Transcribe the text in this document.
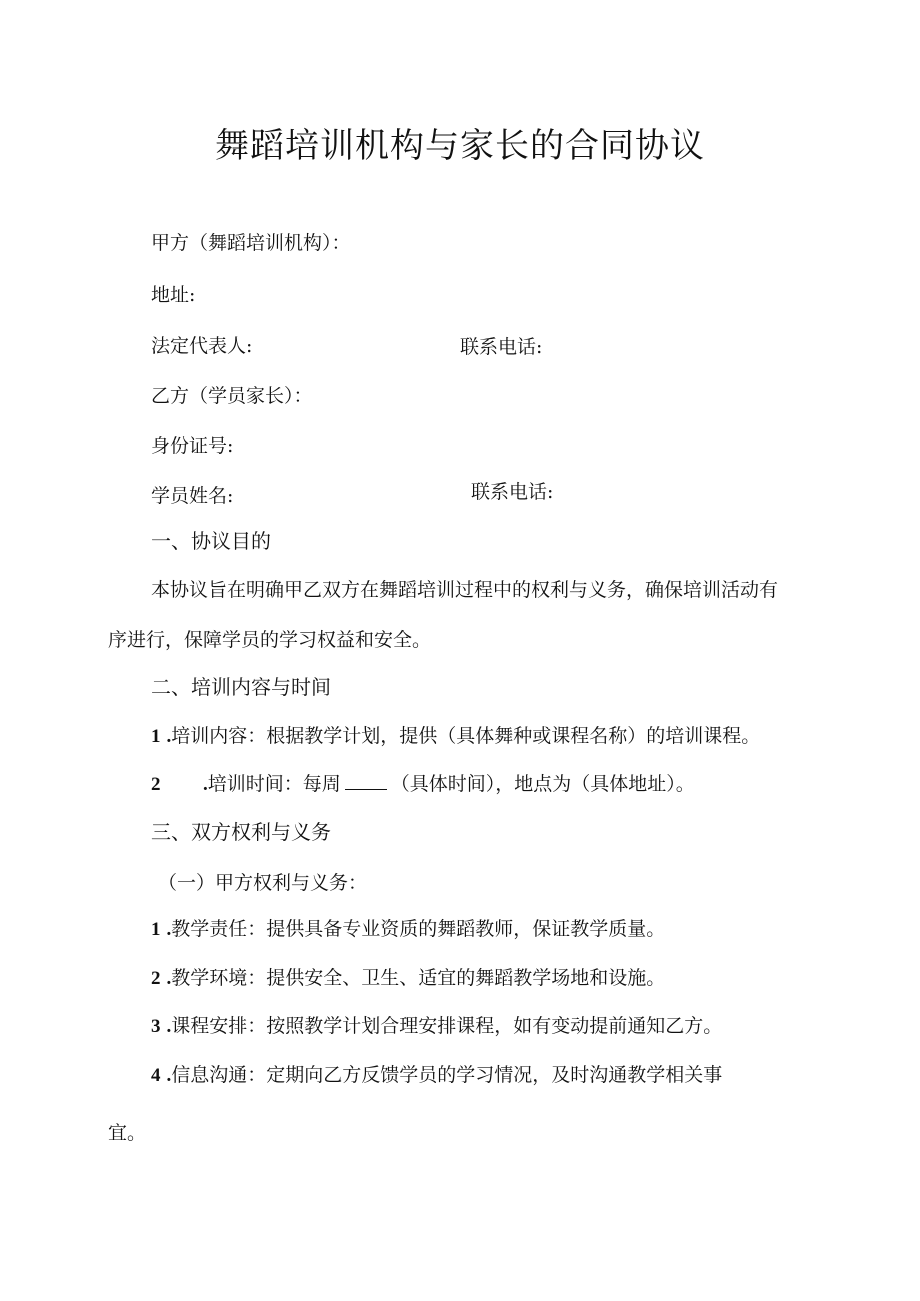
舞蹈培训机构与家长的合同协议
甲方（舞蹈培训机构）：
地址:
法定代表人:	联系电话:
乙方（学员家长）：
身份证号:
学员姓名:	联系电话:
一、协议目的
本协议旨在明确甲乙双方在舞蹈培训过程中的权利与义务，确保培训活动有
序进行，保障学员的学习权益和安全。
二、培训内容与时间
1 .培训内容：根据教学计划，提供（具体舞种或课程名称）的培训课程。
2 .培训时间：每周	（具体时间），地点为（具体地址）。
三、双方权利与义务
（一）甲方权利与义务：
1 .教学责任：提供具备专业资质的舞蹈教师，保证教学质量。
2 .教学环境：提供安全、卫生、适宜的舞蹈教学场地和设施。
3 .课程安排：按照教学计划合理安排课程，如有变动提前通知乙方。
4 .信息沟通：定期向乙方反馈学员的学习情况，及时沟通教学相关事
宜。
